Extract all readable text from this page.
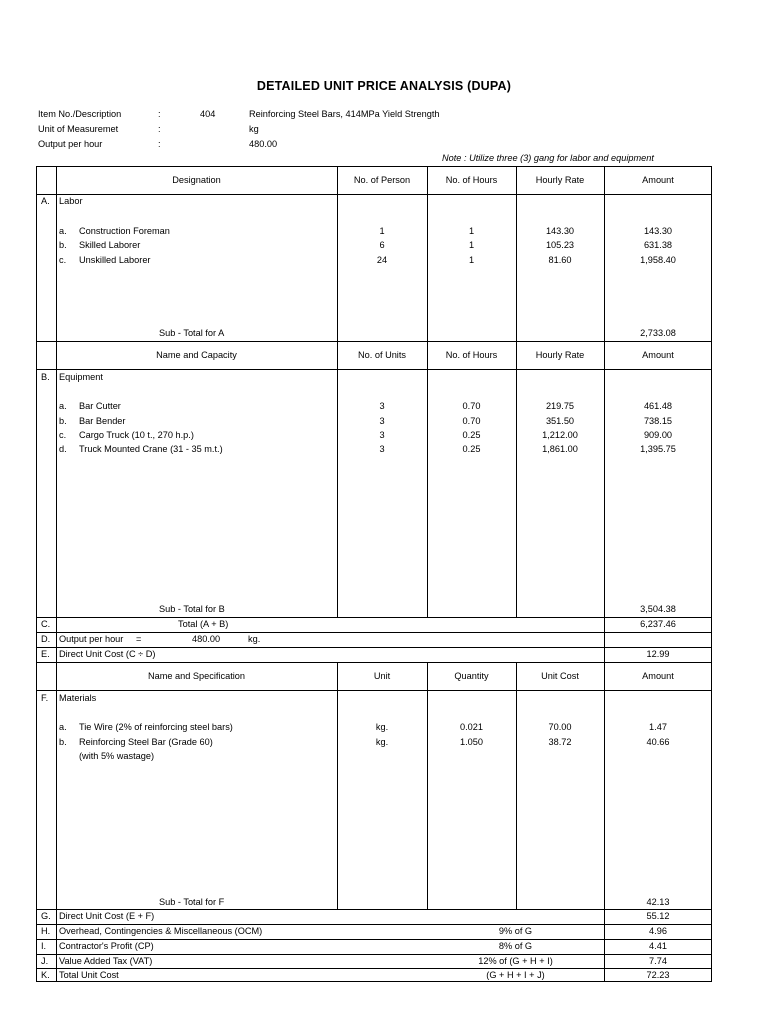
DETAILED UNIT PRICE ANALYSIS (DUPA)
Item No./Description	:	404	Reinforcing Steel Bars, 414MPa Yield Strength
Unit of Measuremet	:	kg
Output per hour	:	480.00
Note : Utilize three (3) gang for labor and equipment
Designation	No. of Person	No. of Hours	Hourly Rate	Amount
A. Labor
a. Construction Foreman	1	1	143.30	143.30
b. Skilled Laborer	6	1	105.23	631.38
c. Unskilled Laborer	24	1	81.60	1,958.40
Sub - Total for A	2,733.08
Name and Capacity	No. of Units	No. of Hours	Hourly Rate	Amount
B. Equipment
a. Bar Cutter	3	0.70	219.75	461.48
b. Bar Bender	3	0.70	351.50	738.15
c. Cargo Truck (10 t., 270 h.p.)	3	0.25	1,212.00	909.00
d. Truck Mounted Crane (31 - 35 m.t.)	3	0.25	1,861.00	1,395.75
Sub - Total for B	3,504.38
C.	Total (A + B)	6,237.46
D. Output per hour =	480.00	kg.
E. Direct Unit Cost (C ÷ D)	12.99
Name and Specification	Unit	Quantity	Unit Cost	Amount
F. Materials
a. Tie Wire (2% of reinforcing steel bars)	kg.	0.021	70.00	1.47
b. Reinforcing Steel Bar (Grade 60)	kg.	1.050	38.72	40.66
(with 5% wastage)
Sub - Total for F	42.13
G. Direct Unit Cost (E + F)	55.12
H. Overhead, Contingencies & Miscellaneous (OCM)	9% of G	4.96
I. Contractor's Profit (CP)	8% of G	4.41
J. Value Added Tax (VAT)	12% of (G + H + I)	7.74
K. Total Unit Cost	(G + H + I + J)	72.23
